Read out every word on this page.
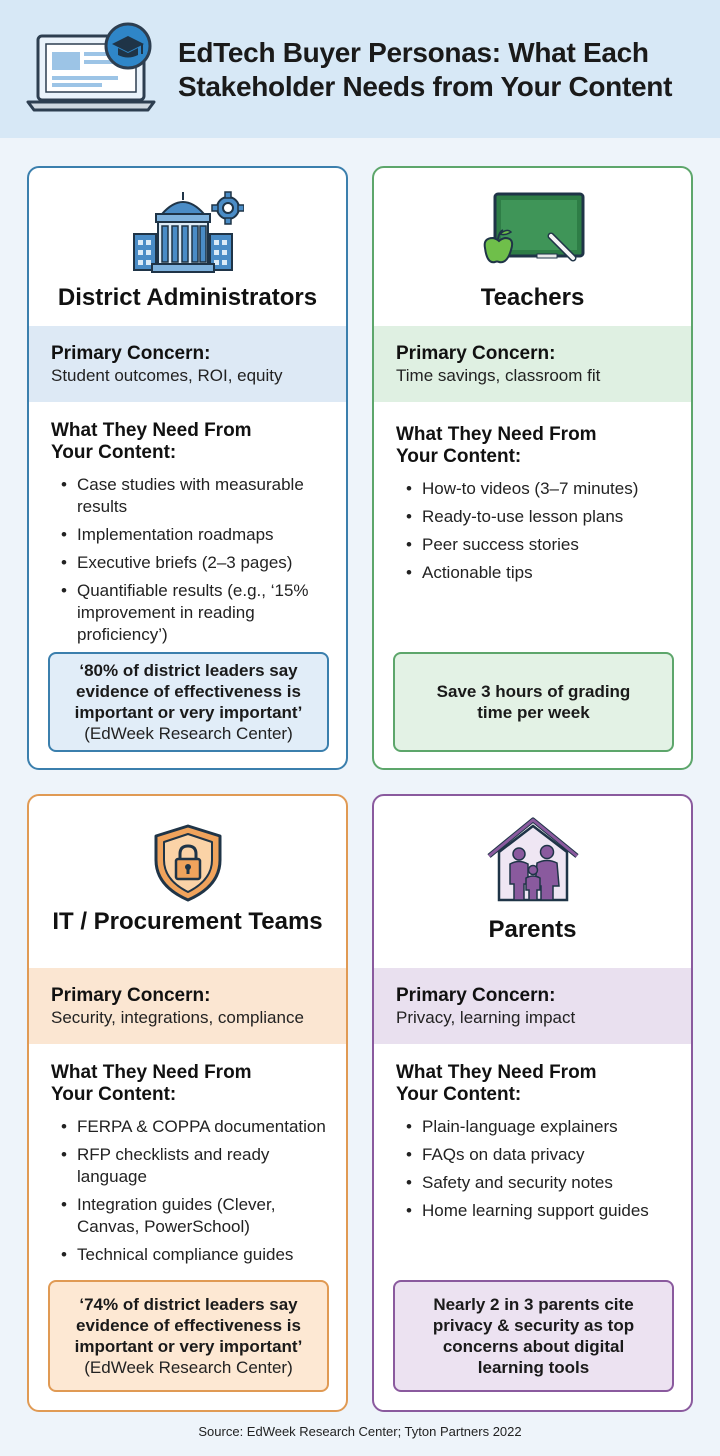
EdTech Buyer Personas: What Each Stakeholder Needs from Your Content
District Administrators
Primary Concern:
Student outcomes, ROI, equity
What They Need From Your Content:
• Case studies with measurable results
• Implementation roadmaps
• Executive briefs (2–3 pages)
• Quantifiable results (e.g., ‘15% improvement in reading proficiency’)
‘80% of district leaders say evidence of effectiveness is important or very important’
(EdWeek Research Center)
Teachers
Primary Concern:
Time savings, classroom fit
What They Need From Your Content:
• How-to videos (3–7 minutes)
• Ready-to-use lesson plans
• Peer success stories
• Actionable tips
Save 3 hours of grading time per week
IT / Procurement Teams
Primary Concern:
Security, integrations, compliance
What They Need From Your Content:
• FERPA & COPPA documentation
• RFP checklists and ready language
• Integration guides (Clever, Canvas, PowerSchool)
• Technical compliance guides
‘74% of district leaders say evidence of effectiveness is important or very important’
(EdWeek Research Center)
Parents
Primary Concern:
Privacy, learning impact
What They Need From Your Content:
• Plain-language explainers
• FAQs on data privacy
• Safety and security notes
• Home learning support guides
Nearly 2 in 3 parents cite privacy & security as top concerns about digital learning tools
Source: EdWeek Research Center; Tyton Partners 2022
